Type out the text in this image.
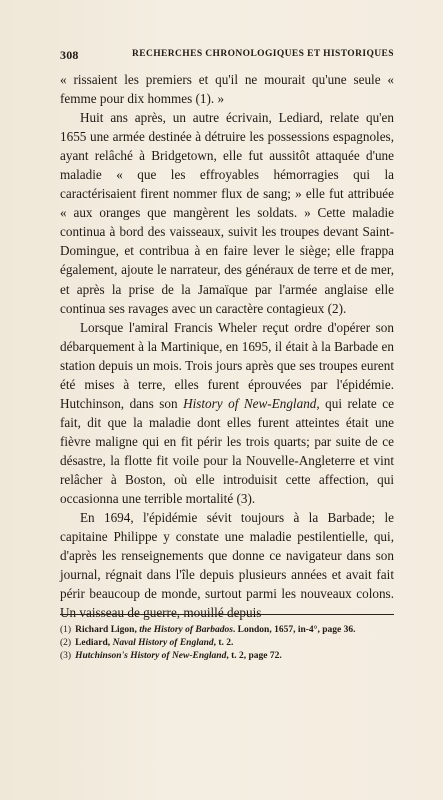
308	RECHERCHES CHRONOLOGIQUES ET HISTORIQUES

« rissaient les premiers et qu'il ne mourait qu'une seule « femme pour dix hommes (1). »

Huit ans après, un autre écrivain, Lediard, relate qu'en 1655 une armée destinée à détruire les possessions espagnoles, ayant relâché à Bridgetown, elle fut aussitôt attaquée d'une maladie « que les effroyables hémorragies qui la caractérisaient firent nommer flux de sang; » elle fut attribuée « aux oranges que mangèrent les soldats. » Cette maladie continua à bord des vaisseaux, suivit les troupes devant Saint-Domingue, et contribua à en faire lever le siège; elle frappa également, ajoute le narrateur, des généraux de terre et de mer, et après la prise de la Jamaïque par l'armée anglaise elle continua ses ravages avec un caractère contagieux (2).

Lorsque l'amiral Francis Wheler reçut ordre d'opérer son débarquement à la Martinique, en 1695, il était à la Barbade en station depuis un mois. Trois jours après que ses troupes eurent été mises à terre, elles furent éprouvées par l'épidémie. Hutchinson, dans son History of New-England, qui relate ce fait, dit que la maladie dont elles furent atteintes était une fièvre maligne qui en fit périr les trois quarts; par suite de ce désastre, la flotte fit voile pour la Nouvelle-Angleterre et vint relâcher à Boston, où elle introduisit cette affection, qui occasionna une terrible mortalité (3).

En 1694, l'épidémie sévit toujours à la Barbade; le capitaine Philippe y constate une maladie pestilentielle, qui, d'après les renseignements que donne ce navigateur dans son journal, régnait dans l'île depuis plusieurs années et avait fait périr beaucoup de monde, surtout parmi les nouveaux colons. Un vaisseau de guerre, mouillé depuis

(1) Richard Ligon, the History of Barbados. London, 1657, in-4°, page 36.
(2) Lediard, Naval History of England, t. 2.
(3) Hutchinson's History of New-England, t. 2, page 72.
